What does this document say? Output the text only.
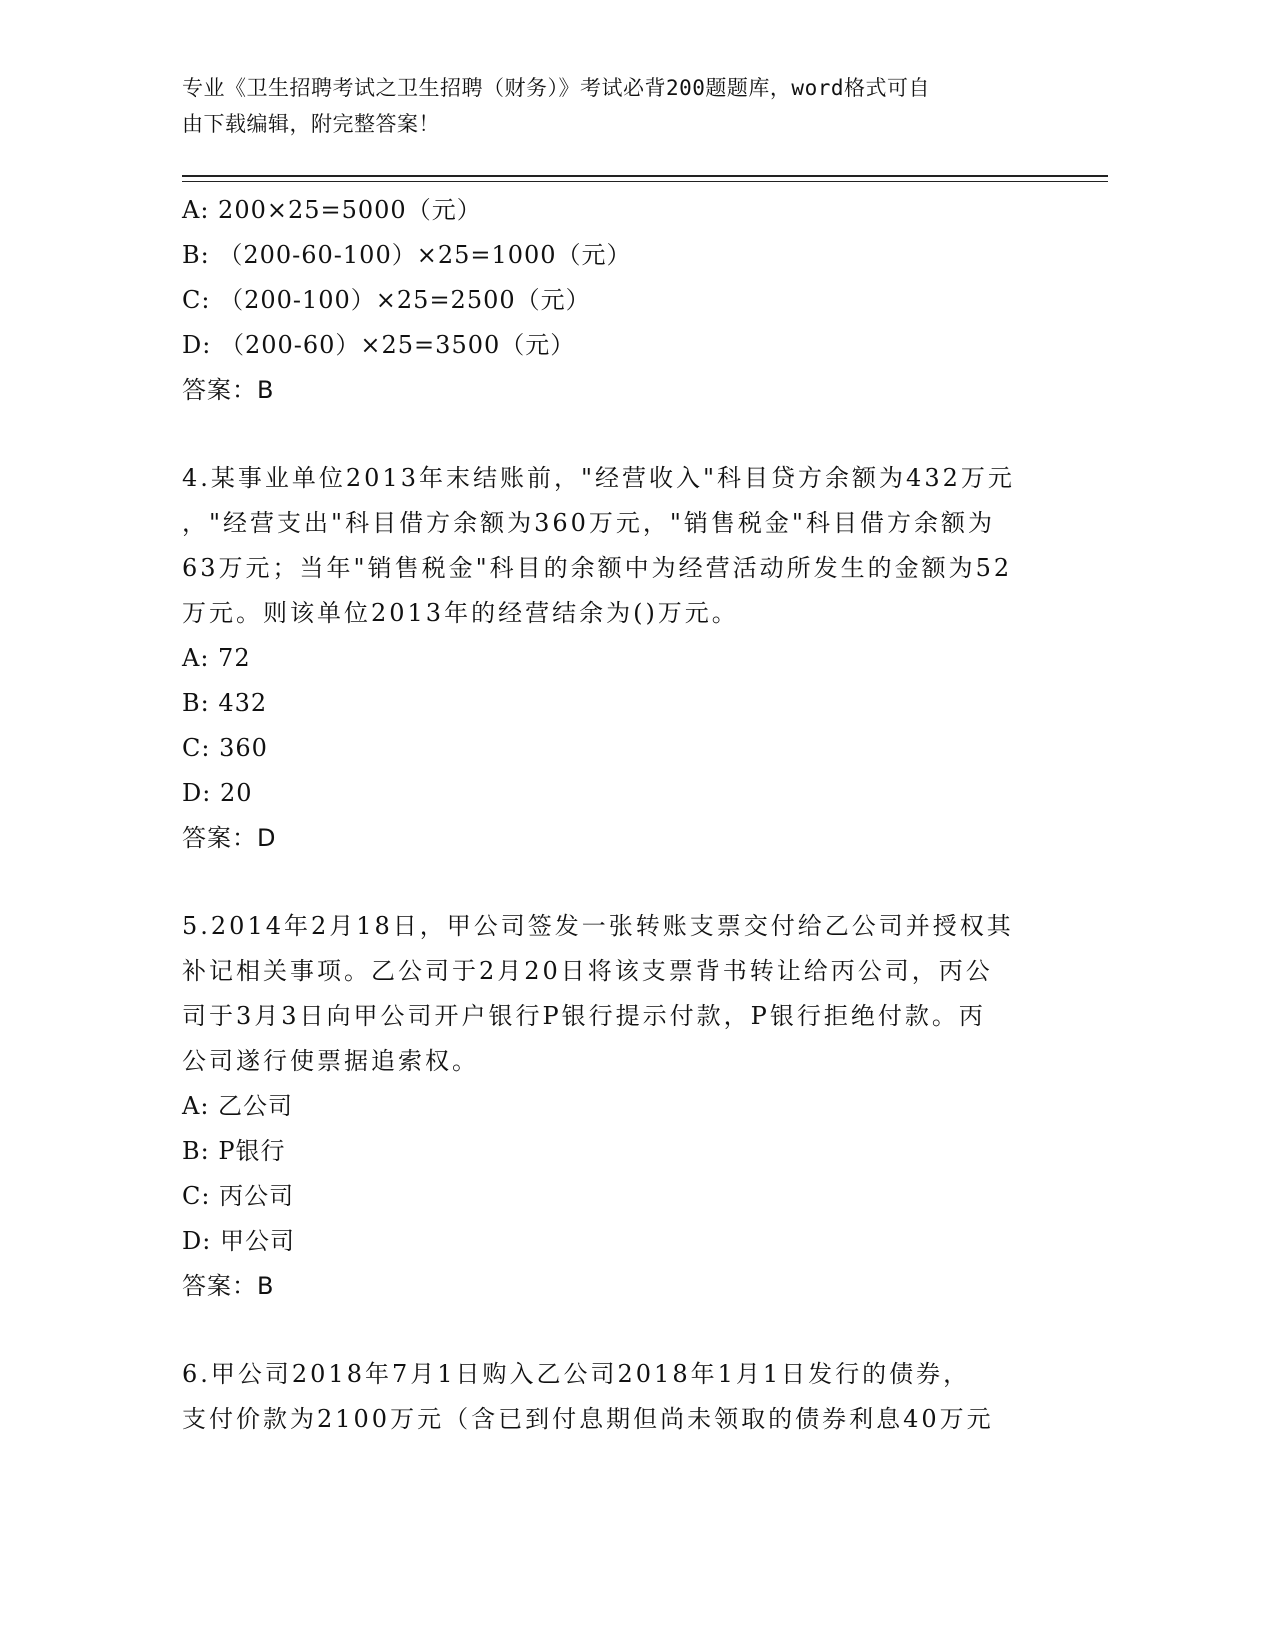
专业《卫生招聘考试之卫生招聘（财务）》考试必背200题题库，word格式可自
由下载编辑，附完整答案！
A: 200×25=5000（元）
B: （200-60-100）×25=1000（元）
C: （200-100）×25=2500（元）
D: （200-60）×25=3500（元）
答案：B
4.某事业单位2013年末结账前，"经营收入"科目贷方余额为432万元
，"经营支出"科目借方余额为360万元，"销售税金"科目借方余额为
63万元；当年"销售税金"科目的余额中为经营活动所发生的金额为52
万元。则该单位2013年的经营结余为()万元。
A: 72
B: 432
C: 360
D: 20
答案：D
5.2014年2月18日，甲公司签发一张转账支票交付给乙公司并授权其
补记相关事项。乙公司于2月20日将该支票背书转让给丙公司，丙公
司于3月3日向甲公司开户银行P银行提示付款，P银行拒绝付款。丙
公司遂行使票据追索权。
A: 乙公司
B: P银行
C: 丙公司
D: 甲公司
答案：B
6.甲公司2018年7月1日购入乙公司2018年1月1日发行的债券，
支付价款为2100万元（含已到付息期但尚未领取的债券利息40万元
